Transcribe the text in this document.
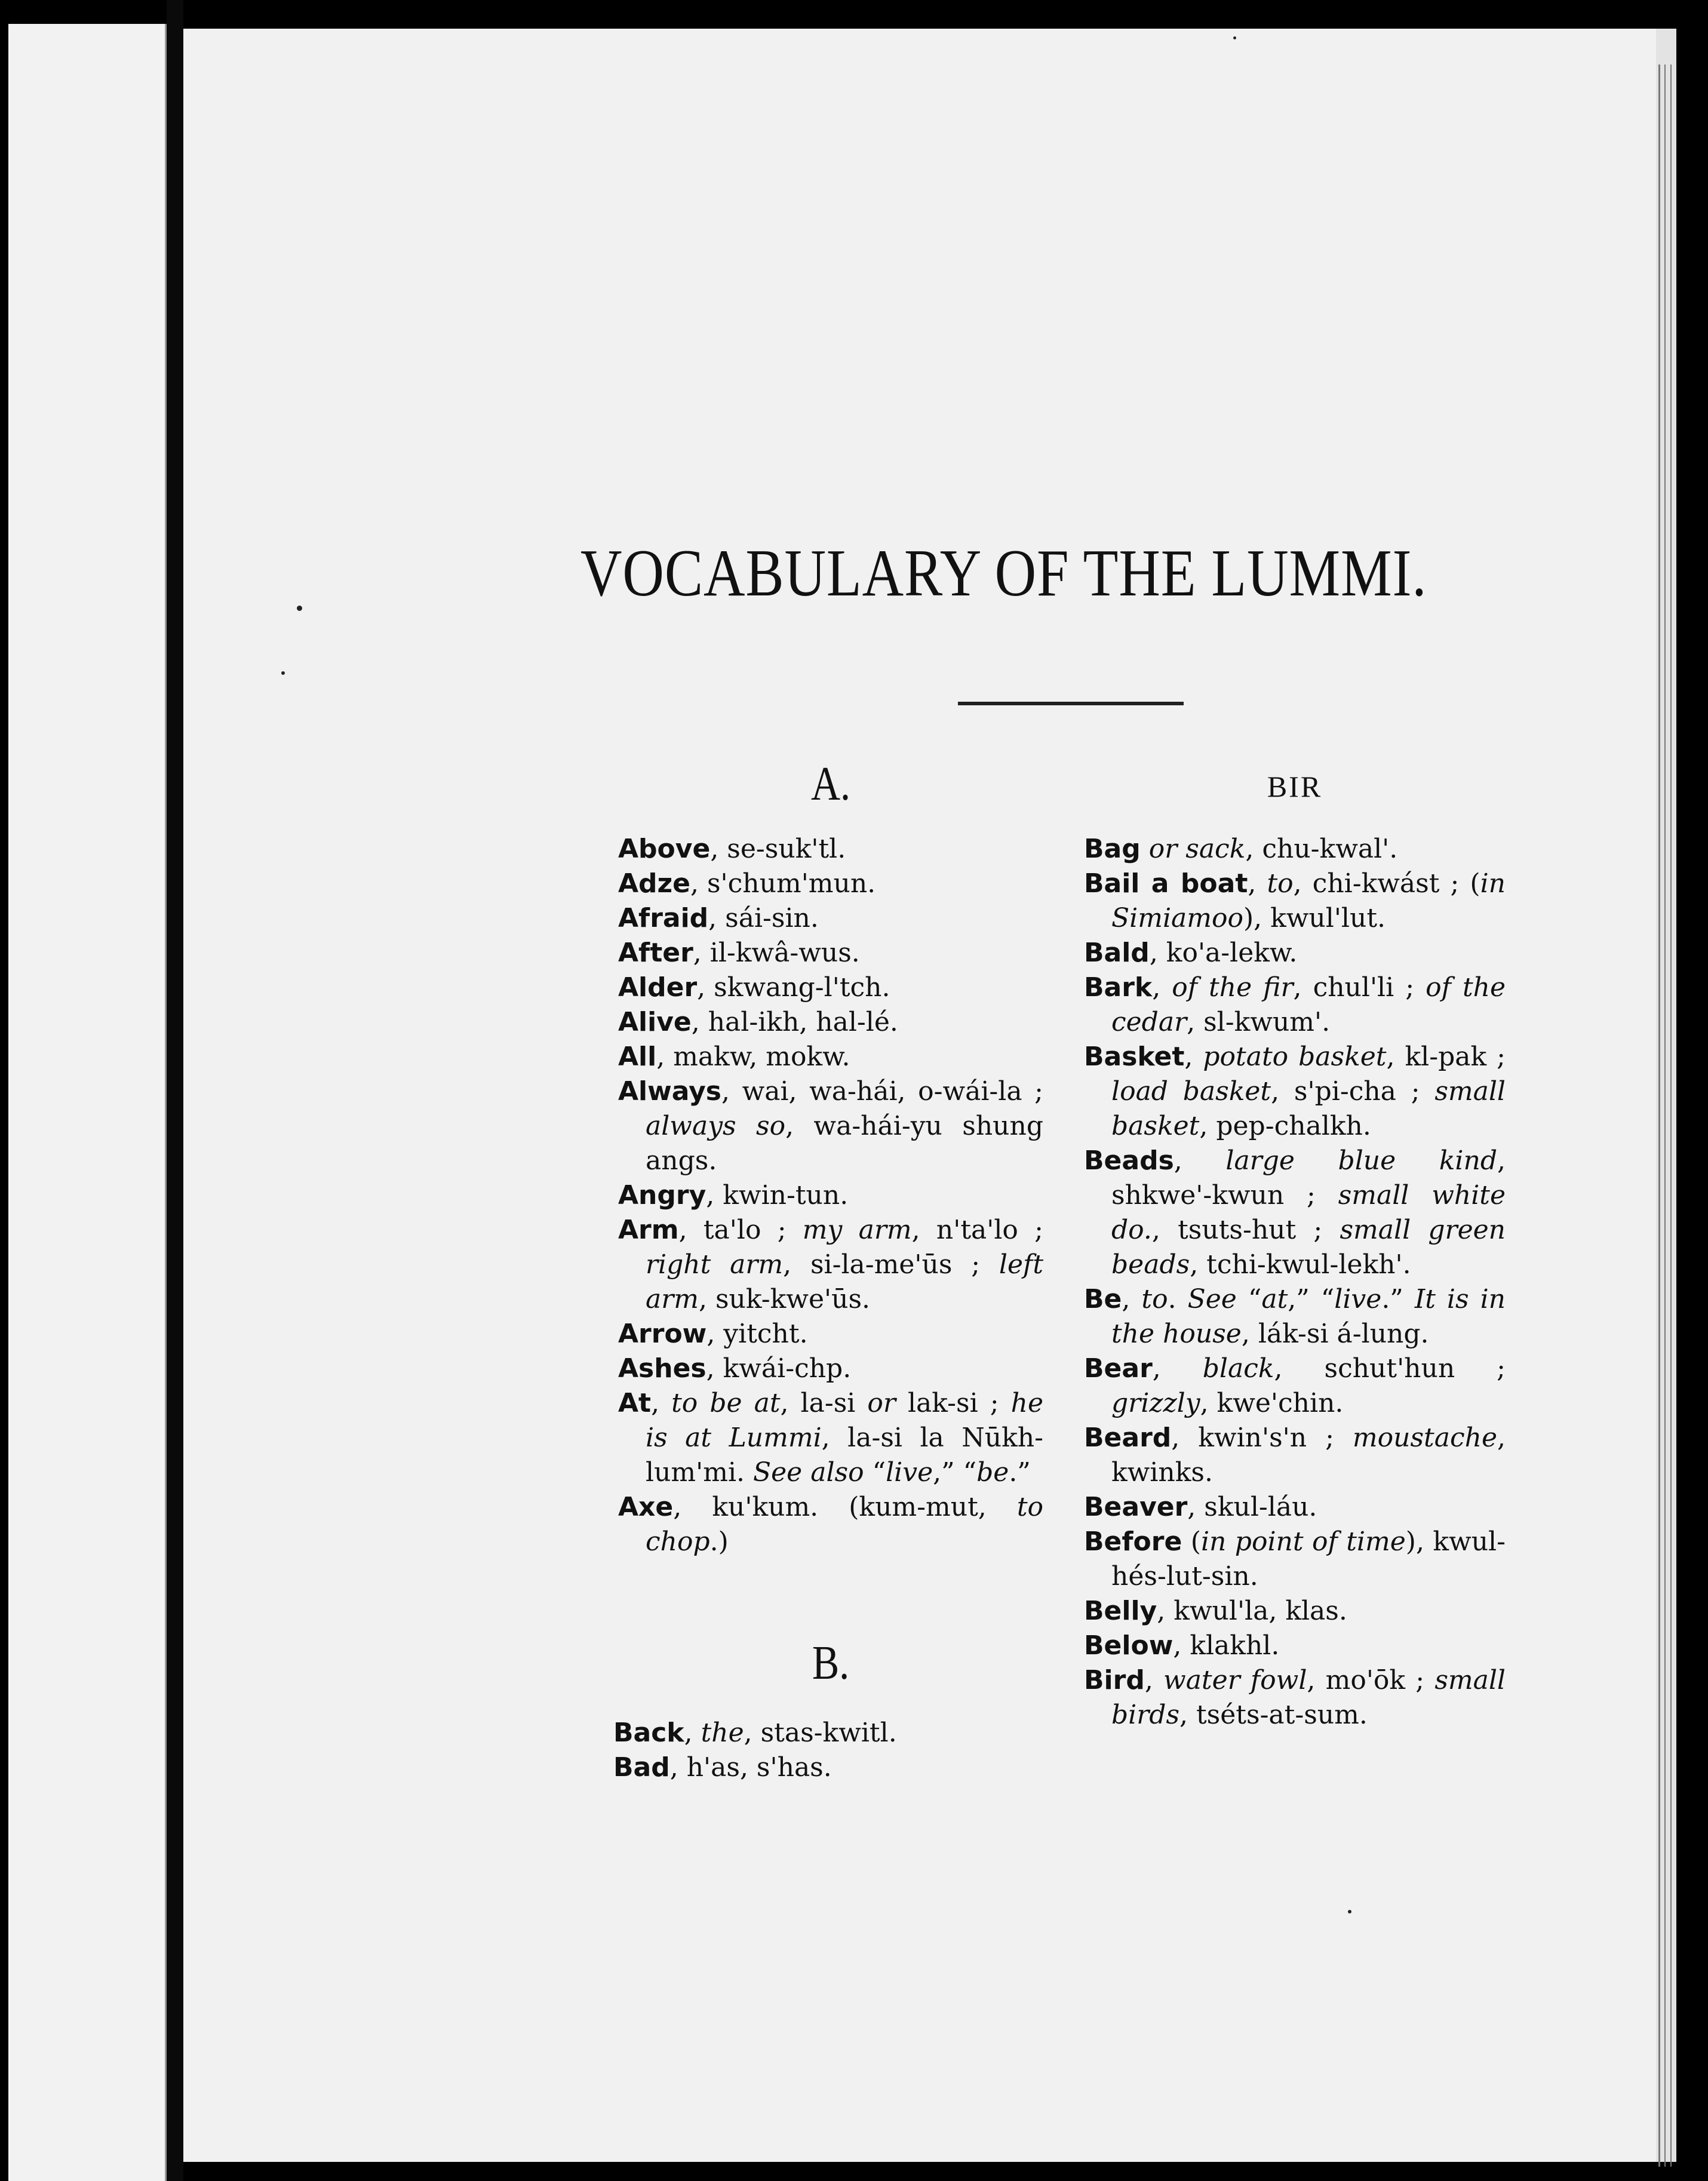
VOCABULARY OF THE LUMMI.
A.

Above, se-suk'tl.

Adze, s'chum'mun.

Afraid, sái-sin.

After, il-kwâ-wus.

Alder, skwang-l'tch.

Alive, hal-ikh, hal-lé.

All, makw, mokw.

Always, wai, wa-hái, o-wái-la ; always so, wa-hái-yu shung angs.

Angry, kwin-tun.

Arm, ta'lo ; my arm, n'ta'lo ; right arm, si-la-me'ūs ; left arm, suk-kwe'ūs.

Arrow, yitcht.

Ashes, kwái-chp.

At, to be at, la-si or lak-si ; he is at Lummi, la-si la Nūkh-lum'mi. See also “live,” “be.”

Axe, ku'kum. (kum-mut, to chop.)

B.

Back, the, stas-kwitl.

Bad, h'as, s'has.

BIR

Bag or sack, chu-kwal'.

Bail a boat, to, chi-kwást ; (in Simiamoo), kwul'lut.

Bald, ko'a-lekw.

Bark, of the fir, chul'li ; of the cedar, sl-kwum'.

Basket, potato basket, kl-pak ; load basket, s'pi-cha ; small basket, pep-chalkh.

Beads, large blue kind, shkwe'-kwun ; small white do., tsuts-hut ; small green beads, tchi-kwul-lekh'.

Be, to. See “at,” “live.” It is in the house, lák-si á-lung.

Bear, black, schut'hun ; grizzly, kwe'chin.

Beard, kwin's'n ; moustache, kwinks.

Beaver, skul-láu.

Before (in point of time), kwul-hés-lut-sin.

Belly, kwul'la, klas.

Below, klakhl.

Bird, water fowl, mo'ōk ; small birds, tséts-at-sum.
